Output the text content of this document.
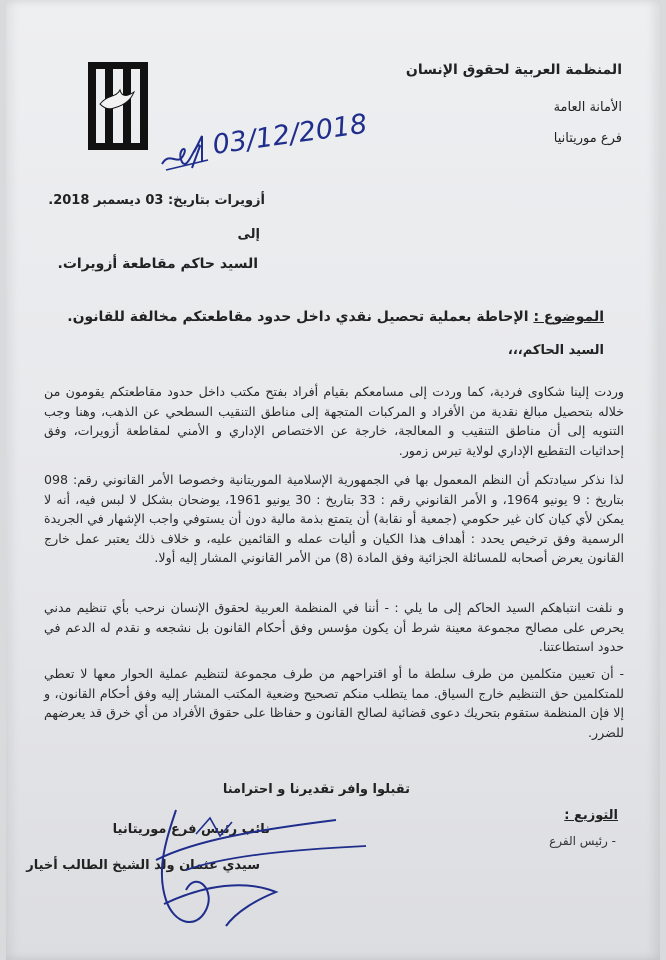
المنظمة العربية لحقوق الإنسان
الأمانة العامة
فرع موريتانيا
03/12/2018
أزويرات بتاريخ: 03 ديسمبر 2018.
إلى
السيد حاكم مقاطعة أزويرات.
الموضوع : الإحاطة بعملية تحصيل نقدي داخل حدود مقاطعتكم مخالفة للقانون.
السيد الحاكم،،،
وردت إلينا شكاوى فردية، كما وردت إلى مسامعكم بقيام أفراد بفتح مكتب داخل حدود مقاطعتكم يقومون من خلاله بتحصيل مبالغ نقدية من الأفراد و المركبات المتجهة إلى مناطق التنقيب السطحي عن الذهب، وهنا وجب التنويه إلى أن مناطق التنقيب و المعالجة، خارجة عن الاختصاص الإداري و الأمني لمقاطعة أزويرات، وفق إحداثيات التقطيع الإداري لولاية تيرس زمور.
لذا نذكر سيادتكم أن النظم المعمول بها في الجمهورية الإسلامية الموريتانية وخصوصا الأمر القانوني رقم: 098 بتاريخ : 9 يونيو 1964، و الأمر القانوني رقم : 33 بتاريخ : 30 يونيو 1961، يوضحان بشكل لا لبس فيه، أنه لا يمكن لأي كيان كان غير حكومي (جمعية أو نقابة) أن يتمتع بذمة مالية دون أن يستوفي واجب الإشهار في الجريدة الرسمية وفق ترخيص يحدد : أهداف هذا الكيان و أليات عمله و القائمين عليه، و خلاف ذلك يعتبر عمل خارج القانون يعرض أصحابه للمسائلة الجزائية وفق المادة (8) من الأمر القانوني المشار إليه أولا.
و نلفت انتباهكم السيد الحاكم إلى ما يلي : - أننا في المنظمة العربية لحقوق الإنسان نرحب بأي تنظيم مدني يحرص على مصالح مجموعة معينة شرط أن يكون مؤسس وفق أحكام القانون بل نشجعه و نقدم له الدعم في حدود استطاعتنا.
- أن تعيين متكلمين من طرف سلطة ما أو اقتراحهم من طرف مجموعة لتنظيم عملية الحوار معها لا تعطي للمتكلمين حق التنظيم خارج السياق. مما يتطلب منكم تصحيح وضعية المكتب المشار إليه وفق أحكام القانون، و إلا فإن المنظمة ستقوم بتحريك دعوى قضائية لصالح القانون و حفاظا على حقوق الأفراد من أي خرق قد يعرضهم للضرر.
تقبلوا وافر تقديرنا و احترامنا
التوزيع :
- رئيس الفرع
نائب رئيس فرع موريتانيا
سيدي عثمان ولد الشيخ الطالب أخيار
